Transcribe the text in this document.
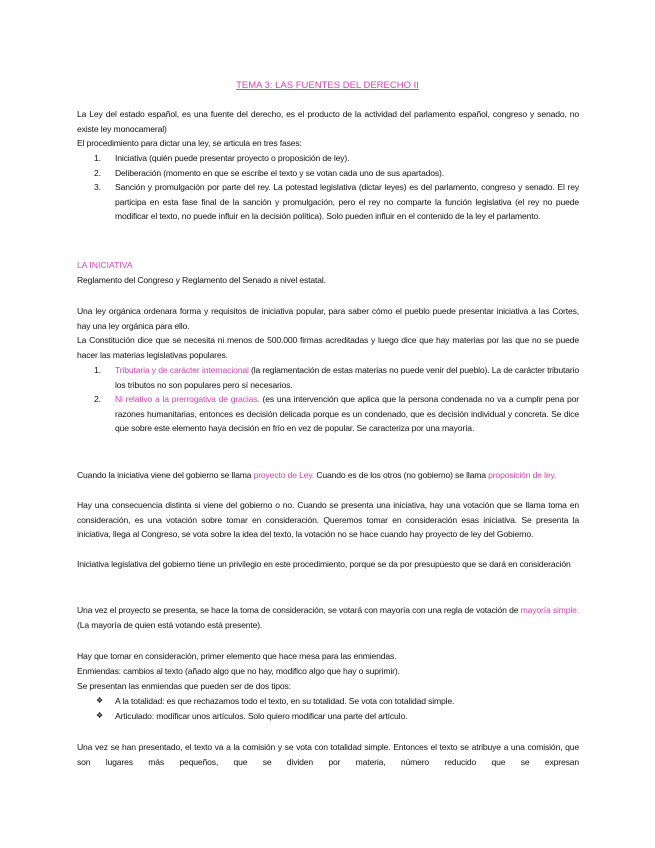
TEMA 3: LAS FUENTES DEL DERECHO II
La Ley del estado español, es una fuente del derecho, es el producto de la actividad del parlamento español, congreso y senado, no existe ley monocameral)
El procedimiento para dictar una ley, se articula en tres fases:
1. Iniciativa (quién puede presentar proyecto o proposición de ley).
2. Deliberación (momento en que se escribe el texto y se votan cada uno de sus apartados).
3. Sanción y promulgación por parte del rey. La potestad legislativa (dictar leyes) es del parlamento, congreso y senado. El rey participa en esta fase final de la sanción y promulgación, pero el rey no comparte la función legislativa (el rey no puede modificar el texto, no puede influir en la decisión política). Solo pueden influir en el contenido de la ley el parlamento.
LA INICIATIVA
Reglamento del Congreso y Reglamento del Senado a nivel estatal.
Una ley orgánica ordenara forma y requisitos de iniciativa popular, para saber cómo el pueblo puede presentar iniciativa a las Cortes, hay una ley orgánica para ello.
La Constitución dice que se necesita ni menos de 500.000 firmas acreditadas y luego dice que hay materias por las que no se puede hacer las materias legislativas populares.
1. Tributaria y de carácter internacional (la reglamentación de estas materias no puede venir del pueblo). La de carácter tributario los tributos no son populares pero sí necesarios.
2. Ni relativo a la prerrogativa de gracias. (es una intervención que aplica que la persona condenada no va a cumplir pena por razones humanitarias, entonces es decisión delicada porque es un condenado, que es decisión individual y concreta. Se dice que sobre este elemento haya decisión en frío en vez de popular. Se caracteriza por una mayoría.
Cuando la iniciativa viene del gobierno se llama proyecto de Ley. Cuando es de los otros (no gobierno) se llama proposición de ley.
Hay una consecuencia distinta si viene del gobierno o no. Cuando se presenta una iniciativa, hay una votación que se llama toma en consideración, es una votación sobre tomar en consideración. Queremos tomar en consideración esas iniciativa. Se presenta la iniciativa, llega al Congreso, se vota sobre la idea del texto, la votación no se hace cuando hay proyecto de ley del Gobierno.
Iniciativa legislativa del gobierno tiene un privilegio en este procedimiento, porque se da por presupuesto que se dará en consideración
Una vez el proyecto se presenta, se hace la toma de consideración, se votará con mayoría con una regla de votación de mayoría simple. (La mayoría de quien está votando está presente).
Hay que tomar en consideración, primer elemento que hace mesa para las enmiendas.
Enmiendas: cambios al texto (añado algo que no hay, modifico algo que hay o suprimir).
Se presentan las enmiendas que pueden ser de dos tipos:
❖ A la totalidad: es que rechazamos todo el texto, en su totalidad. Se vota con totalidad simple.
❖ Articulado: modificar unos artículos. Solo quiero modificar una parte del artículo.
Una vez se han presentado, el texto va a la comisión y se vota con totalidad simple. Entonces el texto se atribuye a una comisión, que son lugares más pequeños, que se dividen por materia, número reducido que se expresan
